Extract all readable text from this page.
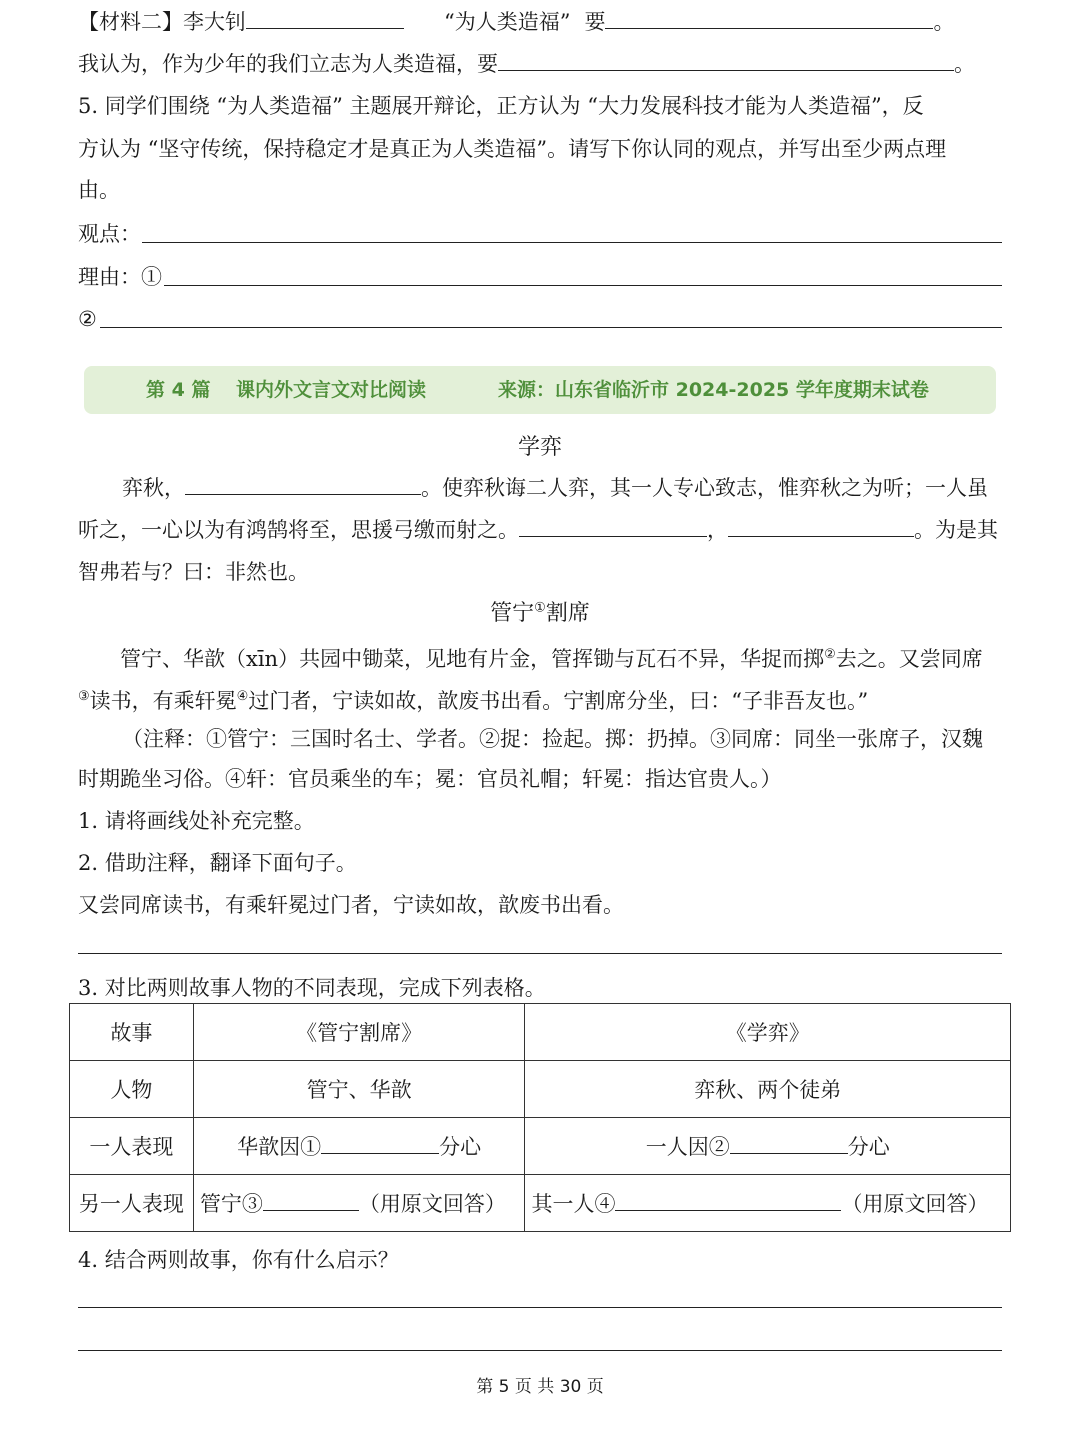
【材料二】李大钊	“为人类造福” 要	。
我认为，作为少年的我们立志为人类造福，要	。
5. 同学们围绕 “为人类造福” 主题展开辩论，正方认为 “大力发展科技才能为人类造福”，反
方认为 “坚守传统，保持稳定才是真正为人类造福”。请写下你认同的观点，并写出至少两点理
由。
观点：
理由：①
②
第 4 篇 课内外文言文对比阅读	来源：山东省临沂市 2024-2025 学年度期末试卷
学弈
弈秋，	。使弈秋诲二人弈，其一人专心致志，惟弈秋之为听；一人虽
听之，一心以为有鸿鹄将至，思援弓缴而射之。	，	。为是其
智弗若与？曰：非然也。
管宁①割席
管宁、华歆（xīn）共园中锄菜，见地有片金，管挥锄与瓦石不异，华捉而掷②去之。又尝同席
③读书，有乘轩冕④过门者，宁读如故，歆废书出看。宁割席分坐，曰：“子非吾友也。”
（注释：①管宁：三国时名士、学者。②捉：捡起。掷：扔掉。③同席：同坐一张席子，汉魏
时期跪坐习俗。④轩：官员乘坐的车；冕：官员礼帽；轩冕：指达官贵人。）
1. 请将画线处补充完整。
2. 借助注释，翻译下面句子。
又尝同席读书，有乘轩冕过门者，宁读如故，歆废书出看。
3. 对比两则故事人物的不同表现，完成下列表格。
故事	《管宁割席》	《学弈》
人物	管宁、华歆	弈秋、两个徒弟
一人表现	华歆因① 分心	一人因② 分心
另一人表现	管宁③ （用原文回答）	其一人④ （用原文回答）
4. 结合两则故事，你有什么启示？
第 5 页 共 30 页
